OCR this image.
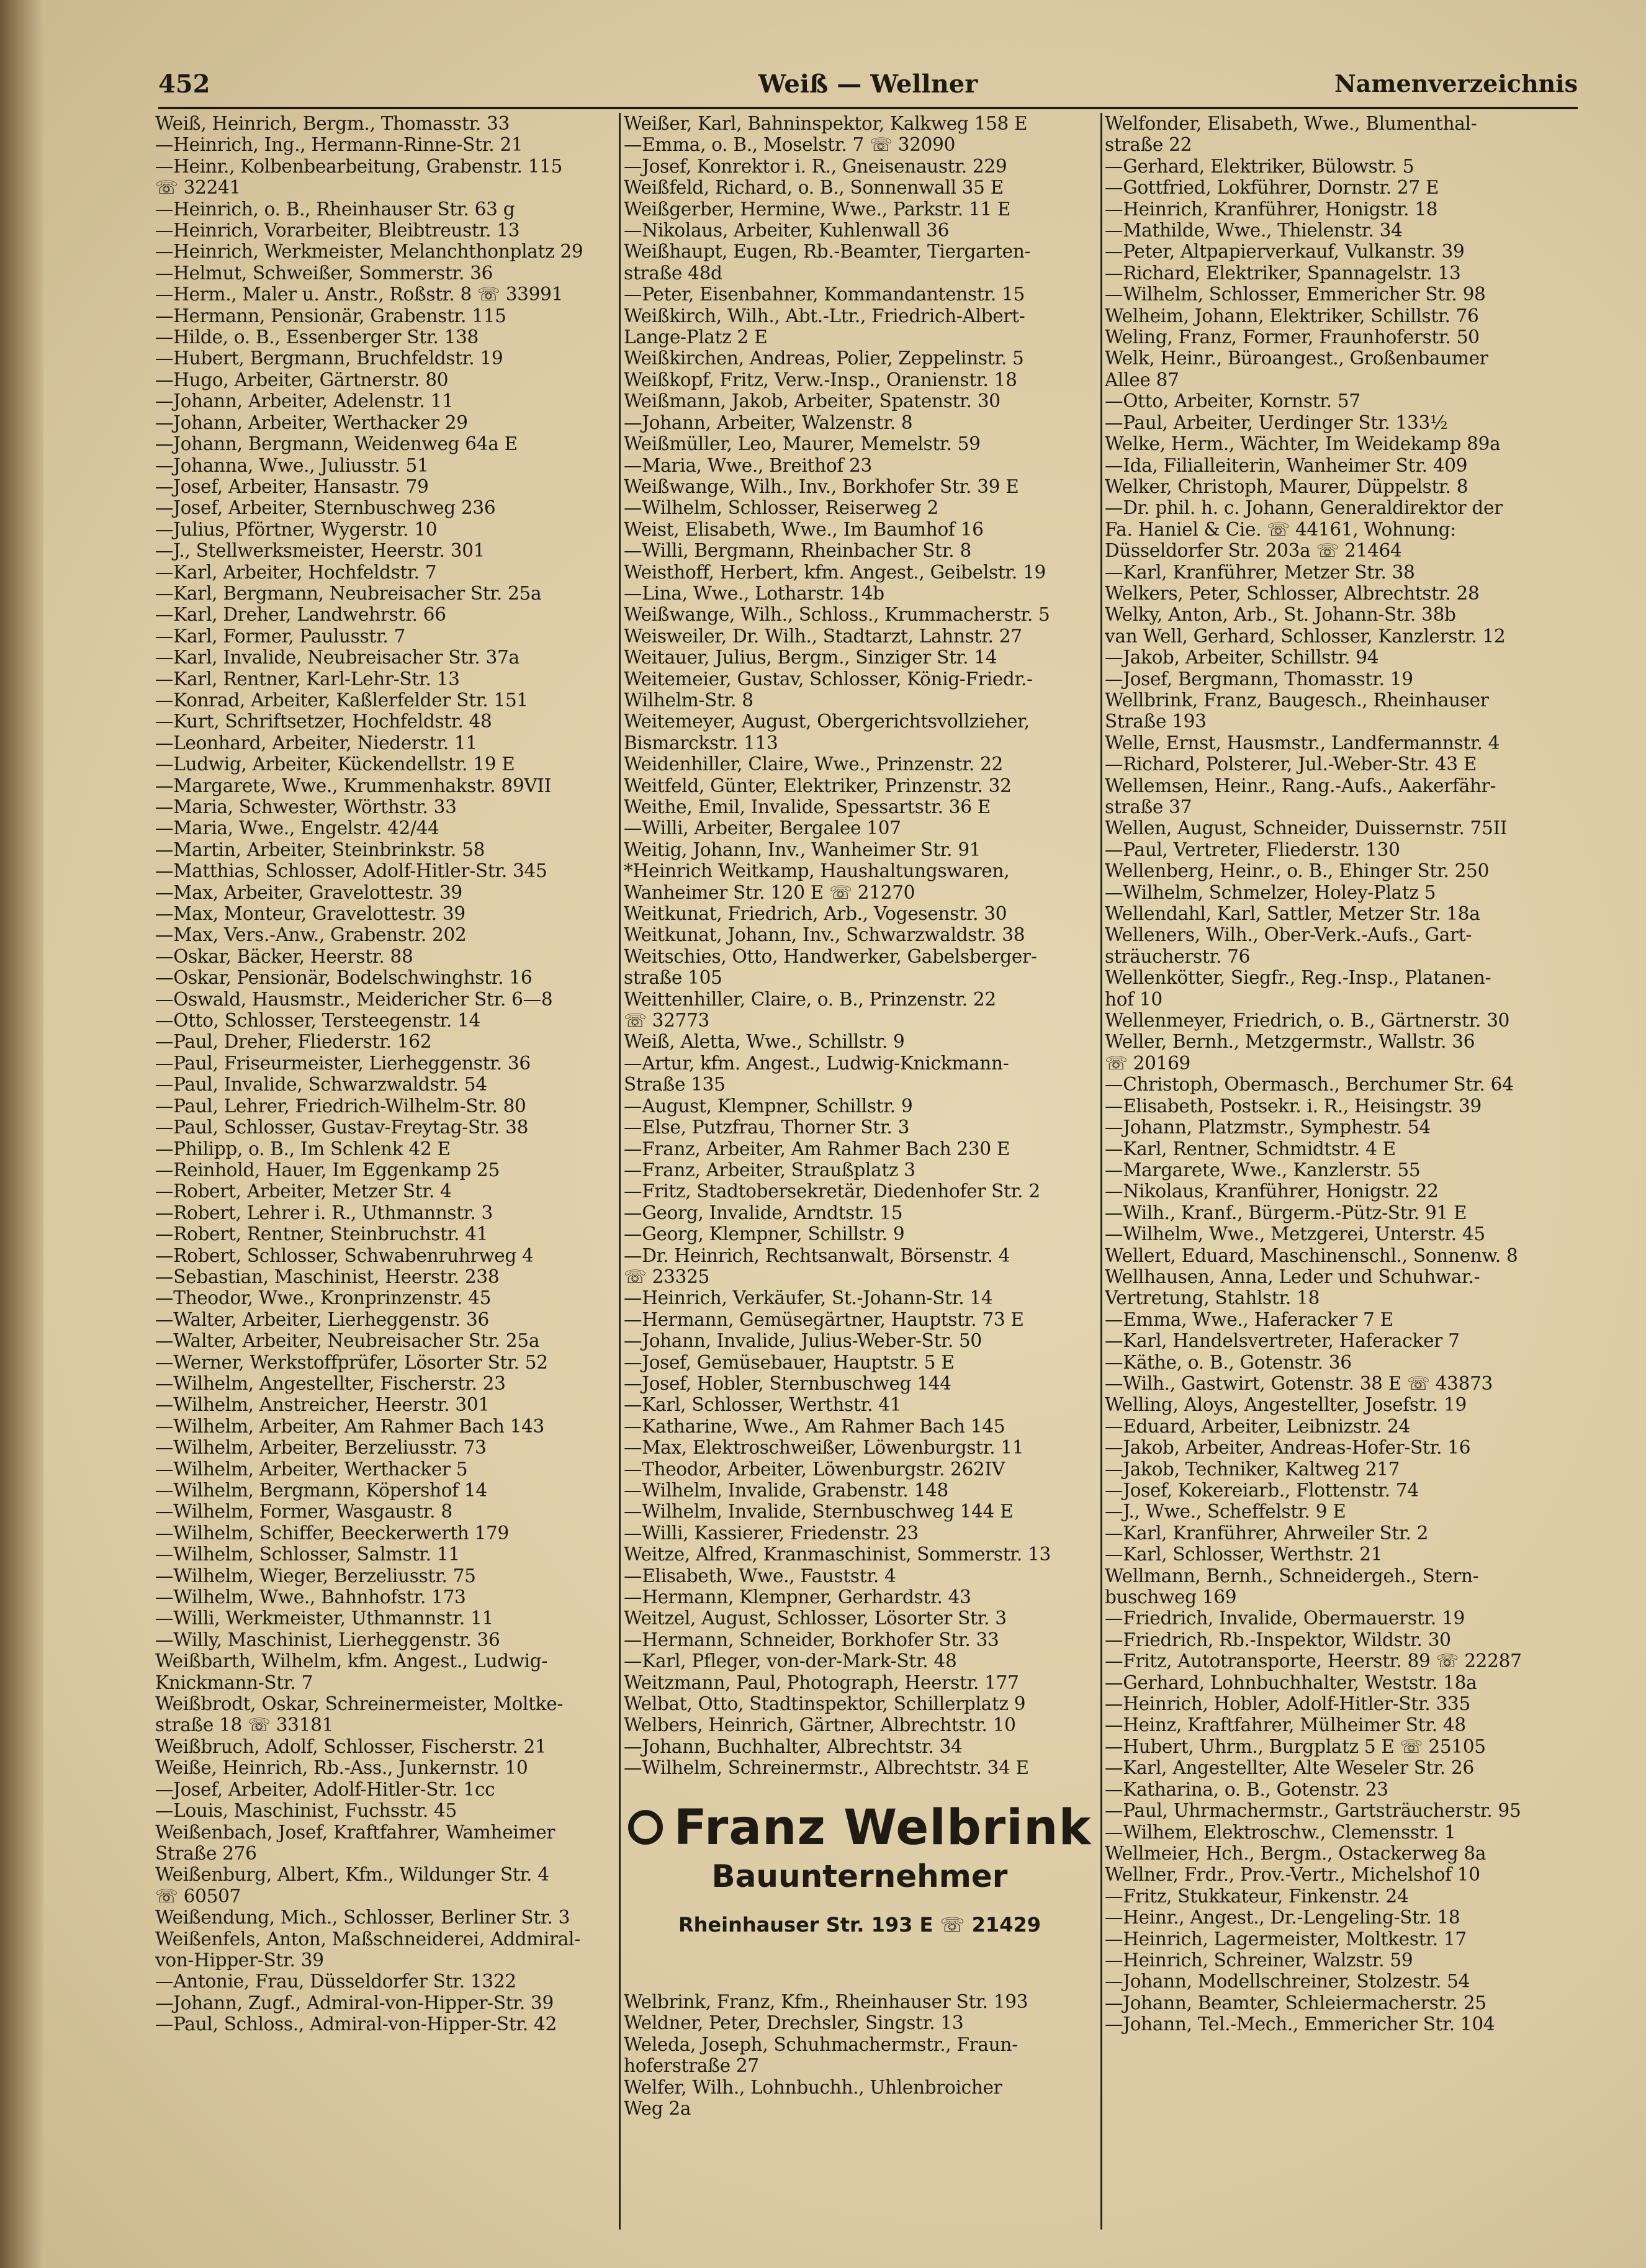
452	Weiß — Wellner	Namenverzeichnis
Weiß, Heinrich, Bergm., Thomasstr. 33
—Heinrich, Ing., Hermann-Rinne-Str. 21
—Heinr., Kolbenbearbeitung, Grabenstr. 115
☏ 32241
—Heinrich, o. B., Rheinhauser Str. 63 g
—Heinrich, Vorarbeiter, Bleibtreustr. 13
—Heinrich, Werkmeister, Melanchthonplatz 29
—Helmut, Schweißer, Sommerstr. 36
—Herm., Maler u. Anstr., Roßstr. 8 ☏ 33991
—Hermann, Pensionär, Grabenstr. 115
—Hilde, o. B., Essenberger Str. 138
—Hubert, Bergmann, Bruchfeldstr. 19
—Hugo, Arbeiter, Gärtnerstr. 80
—Johann, Arbeiter, Adelenstr. 11
—Johann, Arbeiter, Werthacker 29
—Johann, Bergmann, Weidenweg 64a E
—Johanna, Wwe., Juliusstr. 51
—Josef, Arbeiter, Hansastr. 79
—Josef, Arbeiter, Sternbuschweg 236
—Julius, Pförtner, Wygerstr. 10
—J., Stellwerksmeister, Heerstr. 301
—Karl, Arbeiter, Hochfeldstr. 7
—Karl, Bergmann, Neubreisacher Str. 25a
—Karl, Dreher, Landwehrstr. 66
—Karl, Former, Paulusstr. 7
—Karl, Invalide, Neubreisacher Str. 37a
—Karl, Rentner, Karl-Lehr-Str. 13
—Konrad, Arbeiter, Kaßlerfelder Str. 151
—Kurt, Schriftsetzer, Hochfeldstr. 48
—Leonhard, Arbeiter, Niederstr. 11
—Ludwig, Arbeiter, Kückendellstr. 19 E
—Margarete, Wwe., Krummenhakstr. 89VII
—Maria, Schwester, Wörthstr. 33
—Maria, Wwe., Engelstr. 42/44
—Martin, Arbeiter, Steinbrinkstr. 58
—Matthias, Schlosser, Adolf-Hitler-Str. 345
—Max, Arbeiter, Gravelottestr. 39
—Max, Monteur, Gravelottestr. 39
—Max, Vers.-Anw., Grabenstr. 202
—Oskar, Bäcker, Heerstr. 88
—Oskar, Pensionär, Bodelschwinghstr. 16
—Oswald, Hausmstr., Meidericher Str. 6—8
—Otto, Schlosser, Tersteegenstr. 14
—Paul, Dreher, Fliederstr. 162
—Paul, Friseurmeister, Lierheggenstr. 36
—Paul, Invalide, Schwarzwaldstr. 54
—Paul, Lehrer, Friedrich-Wilhelm-Str. 80
—Paul, Schlosser, Gustav-Freytag-Str. 38
—Philipp, o. B., Im Schlenk 42 E
—Reinhold, Hauer, Im Eggenkamp 25
—Robert, Arbeiter, Metzer Str. 4
—Robert, Lehrer i. R., Uthmannstr. 3
—Robert, Rentner, Steinbruchstr. 41
—Robert, Schlosser, Schwabenruhrweg 4
—Sebastian, Maschinist, Heerstr. 238
—Theodor, Wwe., Kronprinzenstr. 45
—Walter, Arbeiter, Lierheggenstr. 36
—Walter, Arbeiter, Neubreisacher Str. 25a
—Werner, Werkstoffprüfer, Lösorter Str. 52
—Wilhelm, Angestellter, Fischerstr. 23
—Wilhelm, Anstreicher, Heerstr. 301
—Wilhelm, Arbeiter, Am Rahmer Bach 143
—Wilhelm, Arbeiter, Berzeliusstr. 73
—Wilhelm, Arbeiter, Werthacker 5
—Wilhelm, Bergmann, Köpershof 14
—Wilhelm, Former, Wasgaustr. 8
—Wilhelm, Schiffer, Beeckerwerth 179
—Wilhelm, Schlosser, Salmstr. 11
—Wilhelm, Wieger, Berzeliusstr. 75
—Wilhelm, Wwe., Bahnhofstr. 173
—Willi, Werkmeister, Uthmannstr. 11
—Willy, Maschinist, Lierheggenstr. 36
Weißbarth, Wilhelm, kfm. Angest., Ludwig-
Knickmann-Str. 7
Weißbrodt, Oskar, Schreinermeister, Moltke-
straße 18 ☏ 33181
Weißbruch, Adolf, Schlosser, Fischerstr. 21
Weiße, Heinrich, Rb.-Ass., Junkernstr. 10
—Josef, Arbeiter, Adolf-Hitler-Str. 1cc
—Louis, Maschinist, Fuchsstr. 45
Weißenbach, Josef, Kraftfahrer, Wamheimer
Straße 276
Weißenburg, Albert, Kfm., Wildunger Str. 4
☏ 60507
Weißendung, Mich., Schlosser, Berliner Str. 3
Weißenfels, Anton, Maßschneiderei, Addmiral-
von-Hipper-Str. 39
—Antonie, Frau, Düsseldorfer Str. 1322
—Johann, Zugf., Admiral-von-Hipper-Str. 39
—Paul, Schloss., Admiral-von-Hipper-Str. 42
Weißer, Karl, Bahninspektor, Kalkweg 158 E
—Emma, o. B., Moselstr. 7 ☏ 32090
—Josef, Konrektor i. R., Gneisenaustr. 229
Weißfeld, Richard, o. B., Sonnenwall 35 E
Weißgerber, Hermine, Wwe., Parkstr. 11 E
—Nikolaus, Arbeiter, Kuhlenwall 36
Weißhaupt, Eugen, Rb.-Beamter, Tiergarten-
straße 48d
—Peter, Eisenbahner, Kommandantenstr. 15
Weißkirch, Wilh., Abt.-Ltr., Friedrich-Albert-
Lange-Platz 2 E
Weißkirchen, Andreas, Polier, Zeppelinstr. 5
Weißkopf, Fritz, Verw.-Insp., Oranienstr. 18
Weißmann, Jakob, Arbeiter, Spatenstr. 30
—Johann, Arbeiter, Walzenstr. 8
Weißmüller, Leo, Maurer, Memelstr. 59
—Maria, Wwe., Breithof 23
Weißwange, Wilh., Inv., Borkhofer Str. 39 E
—Wilhelm, Schlosser, Reiserweg 2
Weist, Elisabeth, Wwe., Im Baumhof 16
—Willi, Bergmann, Rheinbacher Str. 8
Weisthoff, Herbert, kfm. Angest., Geibelstr. 19
—Lina, Wwe., Lotharstr. 14b
Weißwange, Wilh., Schloss., Krummacherstr. 5
Weisweiler, Dr. Wilh., Stadtarzt, Lahnstr. 27
Weitauer, Julius, Bergm., Sinziger Str. 14
Weitemeier, Gustav, Schlosser, König-Friedr.-
Wilhelm-Str. 8
Weitemeyer, August, Obergerichtsvollzieher,
Bismarckstr. 113
Weidenhiller, Claire, Wwe., Prinzenstr. 22
Weitfeld, Günter, Elektriker, Prinzenstr. 32
Weithe, Emil, Invalide, Spessartstr. 36 E
—Willi, Arbeiter, Bergalee 107
Weitig, Johann, Inv., Wanheimer Str. 91
*Heinrich Weitkamp, Haushaltungswaren,
Wanheimer Str. 120 E ☏ 21270
Weitkunat, Friedrich, Arb., Vogesenstr. 30
Weitkunat, Johann, Inv., Schwarzwaldstr. 38
Weitschies, Otto, Handwerker, Gabelsberger-
straße 105
Weittenhiller, Claire, o. B., Prinzenstr. 22
☏ 32773
Weiß, Aletta, Wwe., Schillstr. 9
—Artur, kfm. Angest., Ludwig-Knickmann-
Straße 135
—August, Klempner, Schillstr. 9
—Else, Putzfrau, Thorner Str. 3
—Franz, Arbeiter, Am Rahmer Bach 230 E
—Franz, Arbeiter, Straußplatz 3
—Fritz, Stadtobersekretär, Diedenhofer Str. 2
—Georg, Invalide, Arndtstr. 15
—Georg, Klempner, Schillstr. 9
—Dr. Heinrich, Rechtsanwalt, Börsenstr. 4
☏ 23325
—Heinrich, Verkäufer, St.-Johann-Str. 14
—Hermann, Gemüsegärtner, Hauptstr. 73 E
—Johann, Invalide, Julius-Weber-Str. 50
—Josef, Gemüsebauer, Hauptstr. 5 E
—Josef, Hobler, Sternbuschweg 144
—Karl, Schlosser, Werthstr. 41
—Katharine, Wwe., Am Rahmer Bach 145
—Max, Elektroschweißer, Löwenburgstr. 11
—Theodor, Arbeiter, Löwenburgstr. 262IV
—Wilhelm, Invalide, Grabenstr. 148
—Wilhelm, Invalide, Sternbuschweg 144 E
—Willi, Kassierer, Friedenstr. 23
Weitze, Alfred, Kranmaschinist, Sommerstr. 13
—Elisabeth, Wwe., Fauststr. 4
—Hermann, Klempner, Gerhardstr. 43
Weitzel, August, Schlosser, Lösorter Str. 3
—Hermann, Schneider, Borkhofer Str. 33
—Karl, Pfleger, von-der-Mark-Str. 48
Weitzmann, Paul, Photograph, Heerstr. 177
Welbat, Otto, Stadtinspektor, Schillerplatz 9
Welbers, Heinrich, Gärtner, Albrechtstr. 10
—Johann, Buchhalter, Albrechtstr. 34
—Wilhelm, Schreinermstr., Albrechtstr. 34 E
Welfonder, Elisabeth, Wwe., Blumenthal-
straße 22
—Gerhard, Elektriker, Bülowstr. 5
—Gottfried, Lokführer, Dornstr. 27 E
—Heinrich, Kranführer, Honigstr. 18
—Mathilde, Wwe., Thielenstr. 34
—Peter, Altpapierverkauf, Vulkanstr. 39
—Richard, Elektriker, Spannagelstr. 13
—Wilhelm, Schlosser, Emmericher Str. 98
Welheim, Johann, Elektriker, Schillstr. 76
Weling, Franz, Former, Fraunhoferstr. 50
Welk, Heinr., Büroangest., Großenbaumer
Allee 87
—Otto, Arbeiter, Kornstr. 57
—Paul, Arbeiter, Uerdinger Str. 133½
Welke, Herm., Wächter, Im Weidekamp 89a
—Ida, Filialleiterin, Wanheimer Str. 409
Welker, Christoph, Maurer, Düppelstr. 8
—Dr. phil. h. c. Johann, Generaldirektor der
Fa. Haniel & Cie. ☏ 44161, Wohnung:
Düsseldorfer Str. 203a ☏ 21464
—Karl, Kranführer, Metzer Str. 38
Welkers, Peter, Schlosser, Albrechtstr. 28
Welky, Anton, Arb., St. Johann-Str. 38b
van Well, Gerhard, Schlosser, Kanzlerstr. 12
—Jakob, Arbeiter, Schillstr. 94
—Josef, Bergmann, Thomasstr. 19
Wellbrink, Franz, Baugesch., Rheinhauser
Straße 193
Welle, Ernst, Hausmstr., Landfermannstr. 4
—Richard, Polsterer, Jul.-Weber-Str. 43 E
Wellemsen, Heinr., Rang.-Aufs., Aakerfähr-
straße 37
Wellen, August, Schneider, Duissernstr. 75II
—Paul, Vertreter, Fliederstr. 130
Wellenberg, Heinr., o. B., Ehinger Str. 250
—Wilhelm, Schmelzer, Holey-Platz 5
Wellendahl, Karl, Sattler, Metzer Str. 18a
Welleners, Wilh., Ober-Verk.-Aufs., Gart-
sträucherstr. 76
Wellenkötter, Siegfr., Reg.-Insp., Platanen-
hof 10
Wellenmeyer, Friedrich, o. B., Gärtnerstr. 30
Weller, Bernh., Metzgermstr., Wallstr. 36
☏ 20169
—Christoph, Obermasch., Berchumer Str. 64
—Elisabeth, Postsekr. i. R., Heisingstr. 39
—Johann, Platzmstr., Symphestr. 54
—Karl, Rentner, Schmidtstr. 4 E
—Margarete, Wwe., Kanzlerstr. 55
—Nikolaus, Kranführer, Honigstr. 22
—Wilh., Kranf., Bürgerm.-Pütz-Str. 91 E
—Wilhelm, Wwe., Metzgerei, Unterstr. 45
Wellert, Eduard, Maschinenschl., Sonnenw. 8
Wellhausen, Anna, Leder und Schuhwar.-
Vertretung, Stahlstr. 18
—Emma, Wwe., Haferacker 7 E
—Karl, Handelsvertreter, Haferacker 7
—Käthe, o. B., Gotenstr. 36
—Wilh., Gastwirt, Gotenstr. 38 E ☏ 43873
Welling, Aloys, Angestellter, Josefstr. 19
—Eduard, Arbeiter, Leibnizstr. 24
—Jakob, Arbeiter, Andreas-Hofer-Str. 16
—Jakob, Techniker, Kaltweg 217
—Josef, Kokereiarb., Flottenstr. 74
—J., Wwe., Scheffelstr. 9 E
—Karl, Kranführer, Ahrweiler Str. 2
—Karl, Schlosser, Werthstr. 21
Wellmann, Bernh., Schneidergeh., Stern-
buschweg 169
—Friedrich, Invalide, Obermauerstr. 19
—Friedrich, Rb.-Inspektor, Wildstr. 30
—Fritz, Autotransporte, Heerstr. 89 ☏ 22287
—Gerhard, Lohnbuchhalter, Weststr. 18a
—Heinrich, Hobler, Adolf-Hitler-Str. 335
—Heinz, Kraftfahrer, Mülheimer Str. 48
—Hubert, Uhrm., Burgplatz 5 E ☏ 25105
—Karl, Angestellter, Alte Weseler Str. 26
—Katharina, o. B., Gotenstr. 23
—Paul, Uhrmachermstr., Gartsträucherstr. 95
—Wilhem, Elektroschw., Clemensstr. 1
Wellmeier, Hch., Bergm., Ostackerweg 8a
Wellner, Frdr., Prov.-Vertr., Michelshof 10
—Fritz, Stukkateur, Finkenstr. 24
—Heinr., Angest., Dr.-Lengeling-Str. 18
—Heinrich, Lagermeister, Moltkestr. 17
—Heinrich, Schreiner, Walzstr. 59
—Johann, Modellschreiner, Stolzestr. 54
—Johann, Beamter, Schleiermacherstr. 25
—Johann, Tel.-Mech., Emmericher Str. 104
Franz Welbrink
Bauunternehmer
Rheinhauser Str. 193 E ☏ 21429
Welbrink, Franz, Kfm., Rheinhauser Str. 193
Weldner, Peter, Drechsler, Singstr. 13
Weleda, Joseph, Schuhmachermstr., Fraun-
hoferstraße 27
Welfer, Wilh., Lohnbuchh., Uhlenbroicher
Weg 2a
